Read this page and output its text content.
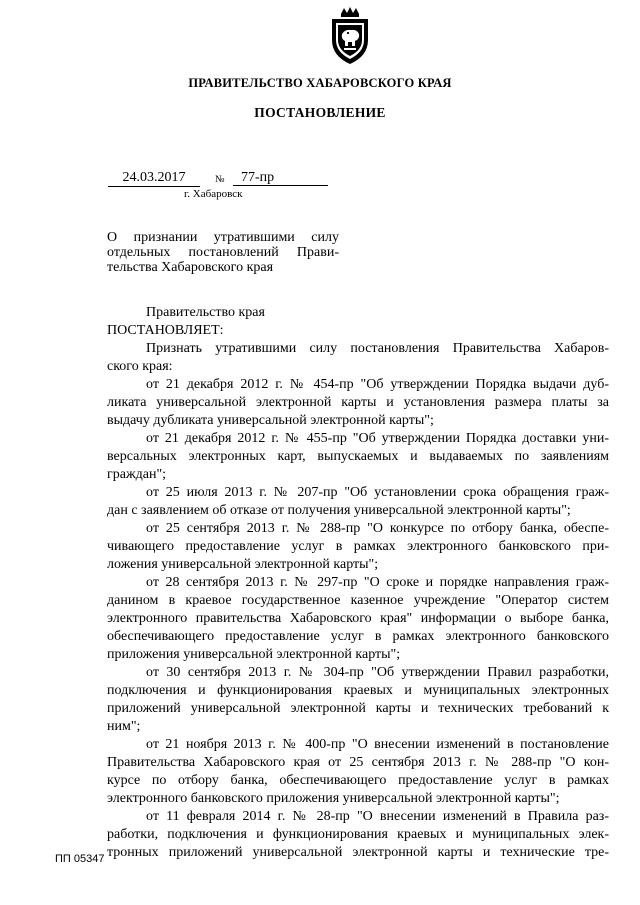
ПРАВИТЕЛЬСТВО ХАБАРОВСКОГО КРАЯ
ПОСТАНОВЛЕНИЕ
24.03.2017	№	77-пр
г. Хабаровск
О признании утратившими силу
отдельных постановлений Прави-
тельства Хабаровского края
Правительство края
ПОСТАНОВЛЯЕТ:
Признать утратившими силу постановления Правительства Хабаров-
ского края:
от 21 декабря 2012 г. № 454-пр "Об утверждении Порядка выдачи дуб-
ликата универсальной электронной карты и установления размера платы за
выдачу дубликата универсальной электронной карты";
от 21 декабря 2012 г. № 455-пр "Об утверждении Порядка доставки уни-
версальных электронных карт, выпускаемых и выдаваемых по заявлениям
граждан";
от 25 июля 2013 г. № 207-пр "Об установлении срока обращения граж-
дан с заявлением об отказе от получения универсальной электронной карты";
от 25 сентября 2013 г. № 288-пр "О конкурсе по отбору банка, обеспе-
чивающего предоставление услуг в рамках электронного банковского при-
ложения универсальной электронной карты";
от 28 сентября 2013 г. № 297-пр "О сроке и порядке направления граж-
данином в краевое государственное казенное учреждение "Оператор систем
электронного правительства Хабаровского края" информации о выборе банка,
обеспечивающего предоставление услуг в рамках электронного банковского
приложения универсальной электронной карты";
от 30 сентября 2013 г. № 304-пр "Об утверждении Правил разработки,
подключения и функционирования краевых и муниципальных электронных
приложений универсальной электронной карты и технических требований к
ним";
от 21 ноября 2013 г. № 400-пр "О внесении изменений в постановление
Правительства Хабаровского края от 25 сентября 2013 г. № 288-пр "О кон-
курсе по отбору банка, обеспечивающего предоставление услуг в рамках
электронного банковского приложения универсальной электронной карты";
от 11 февраля 2014 г. № 28-пр "О внесении изменений в Правила раз-
работки, подключения и функционирования краевых и муниципальных элек-
тронных приложений универсальной электронной карты и технические тре-
ПП 05347
